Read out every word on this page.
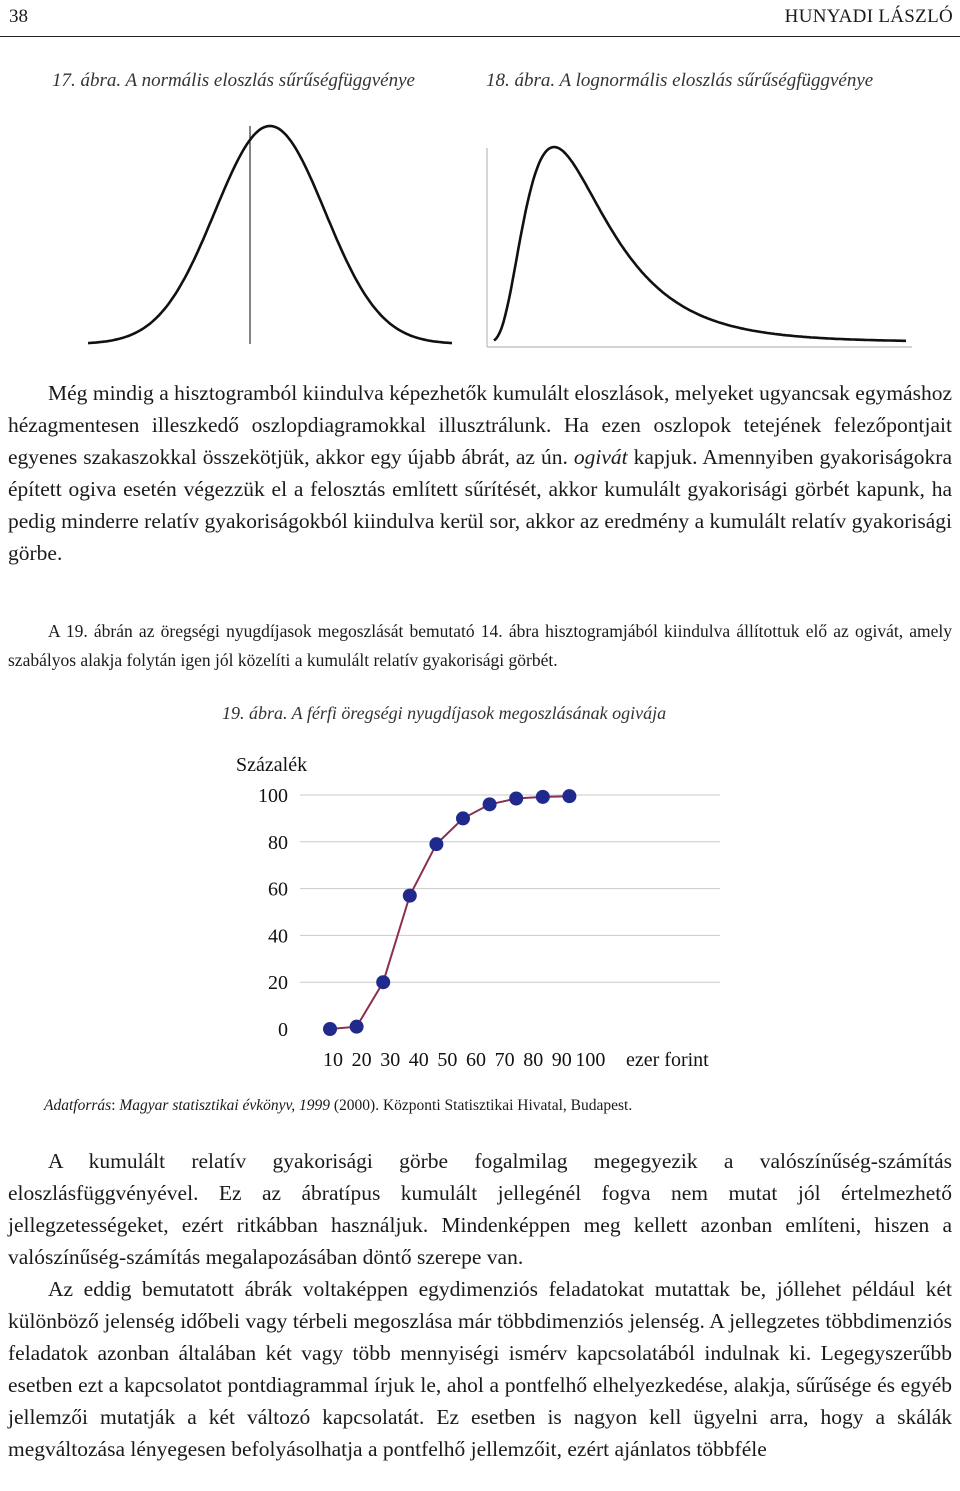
38	HUNYADI LÁSZLÓ
17. ábra. A normális eloszlás sűrűségfüggvénye	18. ábra. A lognormális eloszlás sűrűségfüggvénye
Még mindig a hisztogramból kiindulva képezhetők kumulált eloszlások, melyeket ugyancsak egymáshoz hézagmentesen illeszkedő oszlopdiagramokkal illusztrálunk. Ha ezen oszlopok tetejének felezőpontjait egyenes szakaszokkal összekötjük, akkor egy újabb ábrát, az ún. ogivát kapjuk. Amennyiben gyakoriságokra épített ogiva esetén végezzük el a felosztás említett sűrítését, akkor kumulált gyakorisági görbét kapunk, ha pedig minderre relatív gyakoriságokból kiindulva kerül sor, akkor az eredmény a kumulált relatív gyakorisági görbe.
A 19. ábrán az öregségi nyugdíjasok megoszlását bemutató 14. ábra hisztogramjából kiindulva állítottuk elő az ogivát, amely szabályos alakja folytán igen jól közelíti a kumulált relatív gyakorisági görbét.
19. ábra. A férfi öregségi nyugdíjasok megoszlásának ogivája
Százalék
0
20
40
60
80
100
10 20 30 40 50 60 70 80 90 100 ezer forint
Adatforrás: Magyar statisztikai évkönyv, 1999 (2000). Központi Statisztikai Hivatal, Budapest.
A kumulált relatív gyakorisági görbe fogalmilag megegyezik a valószínűség-számítás eloszlásfüggvényével. Ez az ábratípus kumulált jellegénél fogva nem mutat jól értelmezhető jellegzetességeket, ezért ritkábban használjuk. Mindenképpen meg kellett azonban említeni, hiszen a valószínűség-számítás megalapozásában döntő szerepe van.
Az eddig bemutatott ábrák voltaképpen egydimenziós feladatokat mutattak be, jóllehet például két különböző jelenség időbeli vagy térbeli megoszlása már többdimenziós jelenség. A jellegzetes többdimenziós feladatok azonban általában két vagy több mennyiségi ismérv kapcsolatából indulnak ki. Legegyszerűbb esetben ezt a kapcsolatot pontdiagrammal írjuk le, ahol a pontfelhő elhelyezkedése, alakja, sűrűsége és egyéb jellemzői mutatják a két változó kapcsolatát. Ez esetben is nagyon kell ügyelni arra, hogy a skálák megváltozása lényegesen befolyásolhatja a pontfelhő jellemzőit, ezért ajánlatos többféle
